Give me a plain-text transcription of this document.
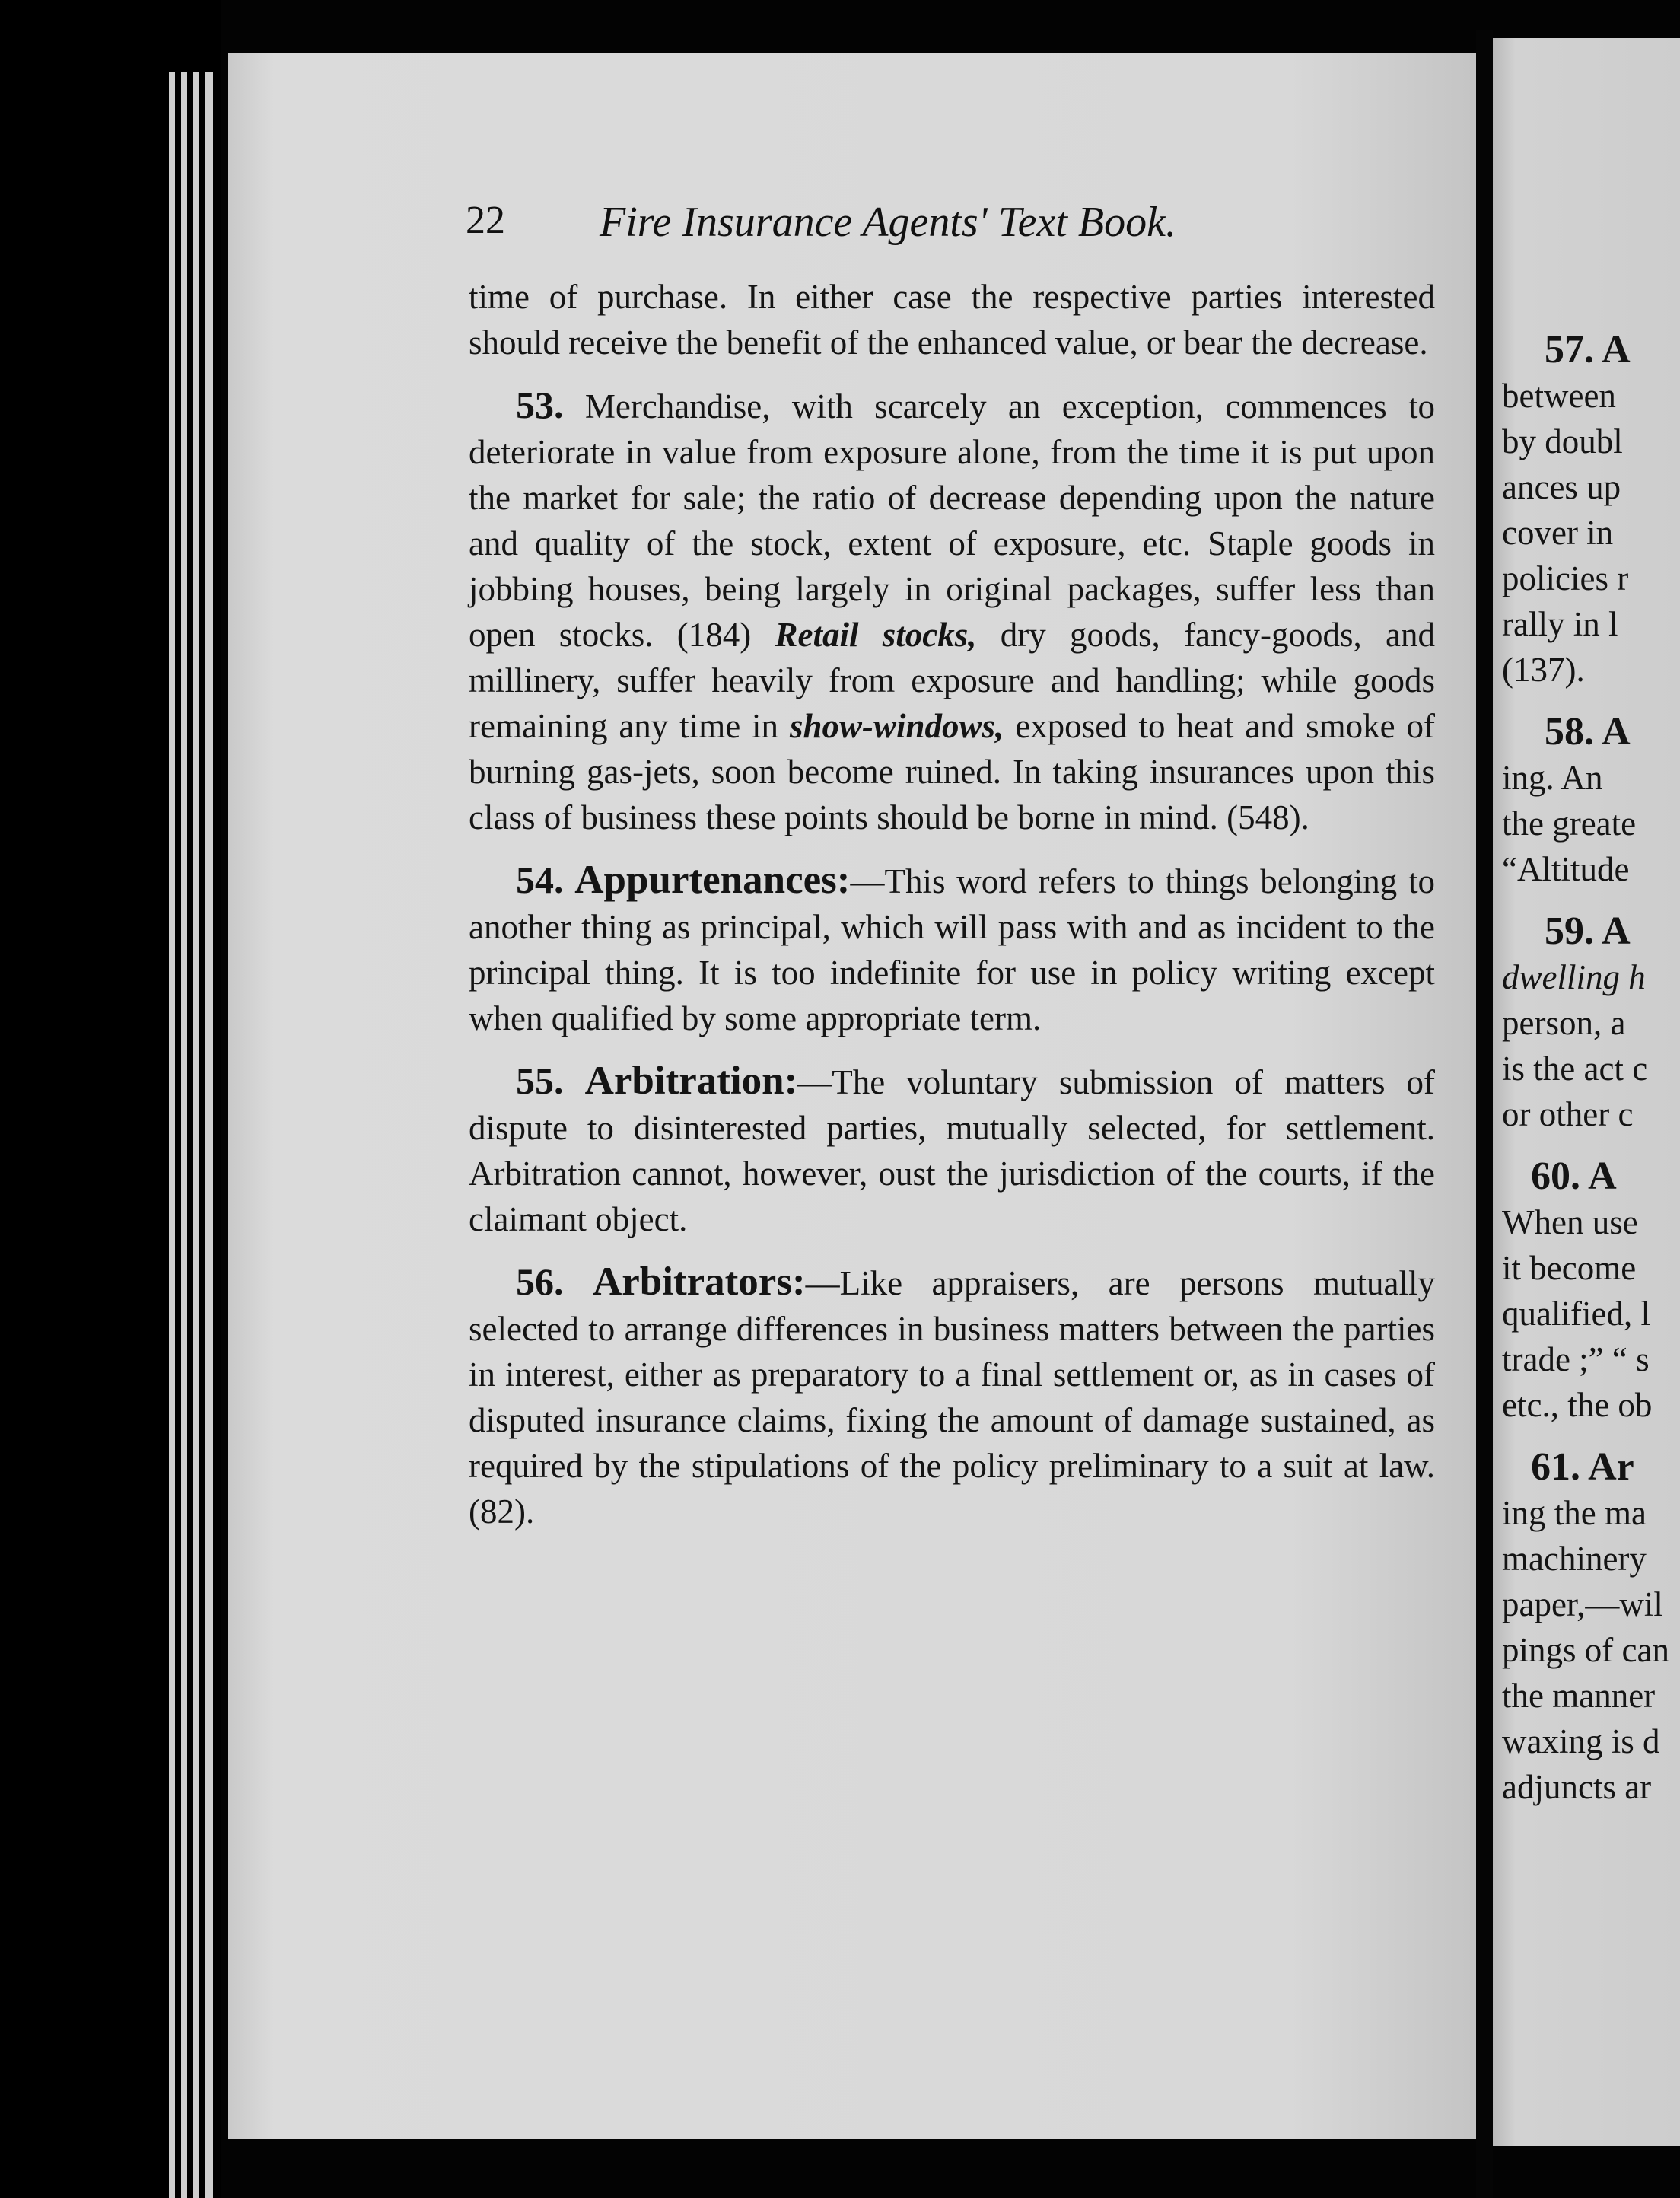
22 Fire Insurance Agents' Text Book.

time of purchase. In either case the respective parties interested should receive the benefit of the enhanced value, or bear the decrease.

53. Merchandise, with scarcely an exception, commences to deteriorate in value from exposure alone, from the time it is put upon the market for sale; the ratio of decrease depending upon the nature and quality of the stock, extent of exposure, etc. Staple goods in jobbing houses, being largely in original packages, suffer less than open stocks. (184) Retail stocks, dry goods, fancy-goods, and millinery, suffer heavily from exposure and handling; while goods remaining any time in show-windows, exposed to heat and smoke of burning gas-jets, soon become ruined. In taking insurances upon this class of business these points should be borne in mind. (548).

54. Appurtenances:—This word refers to things belonging to another thing as principal, which will pass with and as incident to the principal thing. It is too indefinite for use in policy writing except when qualified by some appropriate term.

55. Arbitration:—The voluntary submission of matters of dispute to disinterested parties, mutually selected, for settlement. Arbitration cannot, however, oust the jurisdiction of the courts, if the claimant object.

56. Arbitrators:—Like appraisers, are persons mutually selected to arrange differences in business matters between the parties in interest, either as preparatory to a final settlement or, as in cases of disputed insurance claims, fixing the amount of damage sustained, as required by the stipulations of the policy preliminary to a suit at law. (82).

57. A
between
by doubl
ances up
cover in
policies r
rally in l
(137).
58. A
ing. An
the greate
“Altitude
59. A
dwelling h
person, a
is the act c
or other c
60. A
When use
it become
qualified, l
trade ;” “ s
etc., the ob
61. Ar
ing the ma
machinery
paper,—wil
pings of can
the manner
waxing is d
adjuncts ar
